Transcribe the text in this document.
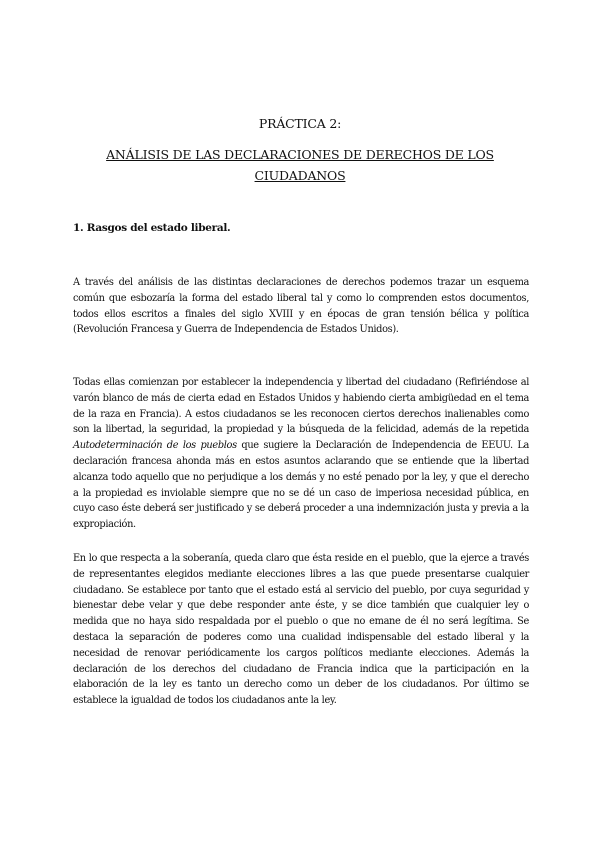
PRÁCTICA 2:
ANÁLISIS DE LAS DECLARACIONES DE DERECHOS DE LOS CIUDADANOS
1. Rasgos del estado liberal.

A través del análisis de las distintas declaraciones de derechos podemos trazar un esquema común que esbozaría la forma del estado liberal tal y como lo comprenden estos documentos, todos ellos escritos a finales del siglo XVIII y en épocas de gran tensión bélica y política (Revolución Francesa y Guerra de Independencia de Estados Unidos).

Todas ellas comienzan por establecer la independencia y libertad del ciudadano (Refiriéndose al varón blanco de más de cierta edad en Estados Unidos y habiendo cierta ambigüedad en el tema de la raza en Francia). A estos ciudadanos se les reconocen ciertos derechos inalienables como son la libertad, la seguridad, la propiedad y la búsqueda de la felicidad, además de la repetida Autodeterminación de los pueblos que sugiere la Declaración de Independencia de EEUU. La declaración francesa ahonda más en estos asuntos aclarando que se entiende que la libertad alcanza todo aquello que no perjudique a los demás y no esté penado por la ley, y que el derecho a la propiedad es inviolable siempre que no se dé un caso de imperiosa necesidad pública, en cuyo caso éste deberá ser justificado y se deberá proceder a una indemnización justa y previa a la expropiación.

En lo que respecta a la soberanía, queda claro que ésta reside en el pueblo, que la ejerce a través de representantes elegidos mediante elecciones libres a las que puede presentarse cualquier ciudadano. Se establece por tanto que el estado está al servicio del pueblo, por cuya seguridad y bienestar debe velar y que debe responder ante éste, y se dice también que cualquier ley o medida que no haya sido respaldada por el pueblo o que no emane de él no será legítima. Se destaca la separación de poderes como una cualidad indispensable del estado liberal y la necesidad de renovar periódicamente los cargos políticos mediante elecciones. Además la declaración de los derechos del ciudadano de Francia indica que la participación en la elaboración de la ley es tanto un derecho como un deber de los ciudadanos. Por último se establece la igualdad de todos los ciudadanos ante la ley.
